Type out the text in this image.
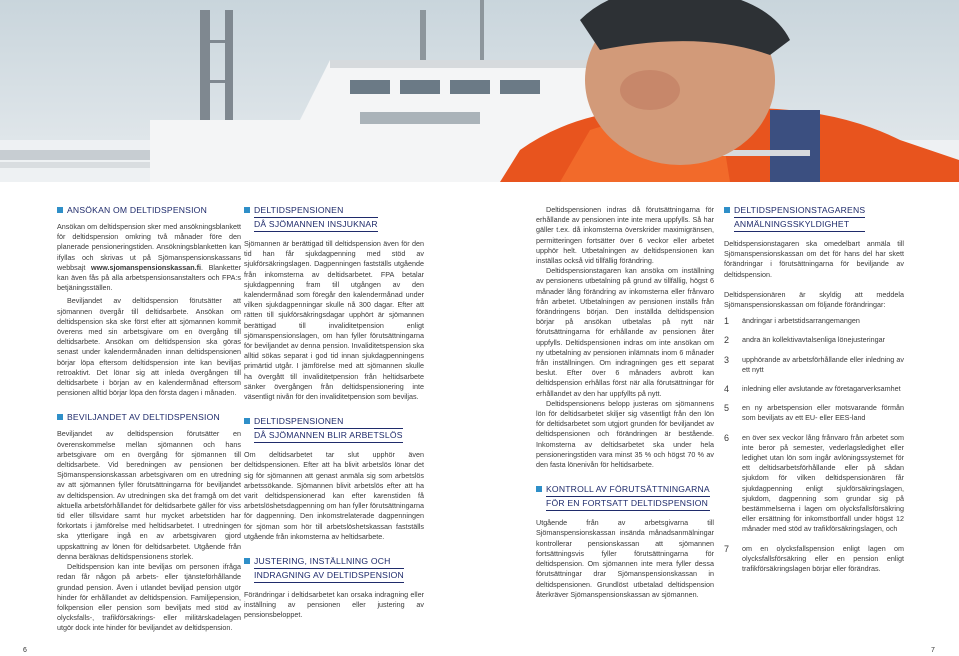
ANSÖKAN OM DELTIDSPENSION

Ansökan om deltidspension sker med ansökningsblankett för deltidspension omkring två månader före den planerade pensioneringstiden. Ansökningsblanketten kan ifyllas och skrivas ut på Sjömanspensionskassans webbsajt www.sjomanspensionskassan.fi. Blanketter kan även fås på alla arbetspensionsanstalters och FPA:s betjäningsställen.

Beviljandet av deltidspension förutsätter att sjömannen övergår till deltidsarbete. Ansökan om deltidspension ska ske först efter att sjömannen kommit överens med sin arbetsgivare om en övergång till deltidsarbete. Ansökan om deltidspension ska göras senast under kalendermånaden innan deltidspensionen börjar löpa eftersom deltidspension inte kan beviljas retroaktivt. Det lönar sig att inleda övergången till deltidsarbete i början av en kalendermånad eftersom pensionen alltid börjar löpa den första dagen i månaden.

BEVILJANDET AV DELTIDSPENSION

Beviljandet av deltidspension förutsätter en överenskommelse mellan sjömannen och hans arbetsgivare om en övergång för sjömannen till deltidsarbete. Vid beredningen av pensionen ber Sjömanspensionskassan arbetsgivaren om en utredning av att sjömannen fyller förutsättningarna för beviljandet av deltidspension. Av utredningen ska det framgå om det aktuella arbetsförhållandet för deltidsarbete gäller för viss tid eller tillsvidare samt hur mycket arbetstiden har förkortats i jämförelse med heltidsarbetet. I utredningen ska ytterligare ingå en av arbetsgivaren gjord uppskattning av lönen för deltidsarbetet. Utgående från denna beräknas deltidspensionens storlek.

Deltidspension kan inte beviljas om personen ifråga redan får någon på arbets- eller tjänsteförhållande grundad pension. Även i utlandet beviljad pension utgör hinder för erhållandet av deltidspension. Familjepension, folkpension eller pension som beviljats med stöd av olycksfalls-, trafikförsäkrings- eller militärskadelagen utgör dock inte hinder för beviljandet av deltidspension.

DELTIDSPENSIONEN
DÅ SJÖMANNEN INSJUKNAR

Sjömannen är berättigad till deltidspension även för den tid han får sjukdagpenning med stöd av sjukförsäkringslagen. Dagpenningen fastställs utgående från inkomsterna av deltidsarbetet. FPA betalar sjukdagpenning fram till utgången av den kalendermånad som föregår den kalendermånad under vilken sjukdagpenningar skulle nå 300 dagar. Efter att rätten till sjukförsäkringsdagar upphört är sjömannen berättigad till invaliditetpension enligt sjömanspensionslagen, om han fyller förutsättningarna för beviljandet av denna pension. Invaliditetspension ska alltid sökas separat i god tid innan sjukdagpenningens primärtid utgår. I jämförelse med att sjömannen skulle ha övergått till invaliditetpension från heltidsarbete sänker övergången från deltidspensionering inte väsentligt nivån för den invaliditetpension som beviljas.

DELTIDSPENSIONEN
DÅ SJÖMANNEN BLIR ARBETSLÖS

Om deltidsarbetet tar slut upphör även deltidspensionen. Efter att ha blivit arbetslös lönar det sig för sjömannen att genast anmäla sig som arbetslös arbetssökande. Sjömannen blivit arbetslös efter att ha varit deltidspensionerad kan efter karenstiden få arbetslöshetsdagpenning om han fyller förutsättningarna för dagpenning. Den inkomstrelaterade dagpenningen för sjöman som hör till arbetslöshetskassan fastställs utgående från inkomsterna av heltidsarbete.

JUSTERING, INSTÄLLNING OCH
INDRAGNING AV DELTIDSPENSION

Förändringar i deltidsarbetet kan orsaka indragning eller inställning av pensionen eller justering av pensionsbeloppet.

Deltidspensionen indras då förutsättningarna för erhållande av pensionen inte inte mera uppfylls. Så har gäller t.ex. då inkomsterna överskrider maximigränsen, permitteringen fortsätter över 6 veckor eller arbetet upphör helt. Utbetalningen av deltidspensionen kan inställas också vid tillfällig förändring.

Deltidspensionstagaren kan ansöka om inställning av pensionens utbetalning på grund av tillfällig, högst 6 månader lång förändring av inkomsterna eller frånvaro från arbetet. Utbetalningen av pensionen inställs från förändringens början. Den inställda deltidspension börjar på ansökan utbetalas på nytt när förutsättningarna för erhållande av pensionen åter uppfylls. Deltidspensionen indras om inte ansökan om ny utbetalning av pensionen inlämnats inom 6 månader från inställningen. Om indragningen ges ett separat beslut. Efter över 6 månaders avbrott kan deltidspension erhållas först när alla förutsättningar för erhållandet av den har uppfyllts på nytt.

Deltidspensionens belopp justeras om sjömannens lön för deltidsarbetet skiljer sig väsentligt från den lön för deltidsarbetet som utgjort grunden för beviljandet av deltidspensionen och förändringen är bestående. Inkomsterna av deltidsarbetet ska under hela pensioneringstiden vara minst 35 % och högst 70 % av den fasta lönenivån för heltidsarbete.

KONTROLL AV FÖRUTSÄTTNINGARNA
FÖR EN FORTSATT DELTIDSPENSION

Utgående från av arbetsgivarna till Sjömanspensionskassan insända månadsanmälningar kontrollerar pensionskassan att sjömannen fortsättningsvis fyller förutsättningarna för deltidspension. Om sjömannen inte mera fyller dessa förutsättningar drar Sjömanspensionskassan in deltidspensionen. Grundlöst utbetalad deltidspension återkräver Sjömanspensionskassan av sjömannen.

DELTIDSPENSIONSTAGARENS
ANMÄLNINGSSKYLDIGHET

Deltidspensionstagaren ska omedelbart anmäla till Sjömanspensionskassan om det för hans del har skett förändringar i förutsättningarna för beviljande av deltidspension.

Deltidspensionären är skyldig att meddela Sjömanspensionskassan om följande förändringar:

1	ändringar i arbetstidsarrangemangen
2	andra än kollektivavtalsenliga lönejusteringar
3	upphörande av arbetsförhållande eller inledning av ett nytt
4	inledning eller avslutande av företagarverksamhet
5	en ny arbetspension eller motsvarande förmån som beviljats av ett EU- eller EES-land
6	en över sex veckor lång frånvaro från arbetet som inte beror på semester, vederlagsledighet eller ledighet utan lön som ingår avlöningssystemet för ett deltidsarbetsförhållande eller på sådan sjukdom för vilken deltidspensionären får sjukdagpenning enligt sjukförsäkringslagen, sjukdom, dagpenning som grundar sig på bestämmelserna i lagen om olycksfallsförsäkring eller ersättning för inkomstbortfall under högst 12 månader med stöd av trafikförsäkringslagen, och
7	om en olycksfallspension enligt lagen om olycksfallsförsäkring eller en pension enligt trafikförsäkringslagen börjar eller förändras.
6	7
